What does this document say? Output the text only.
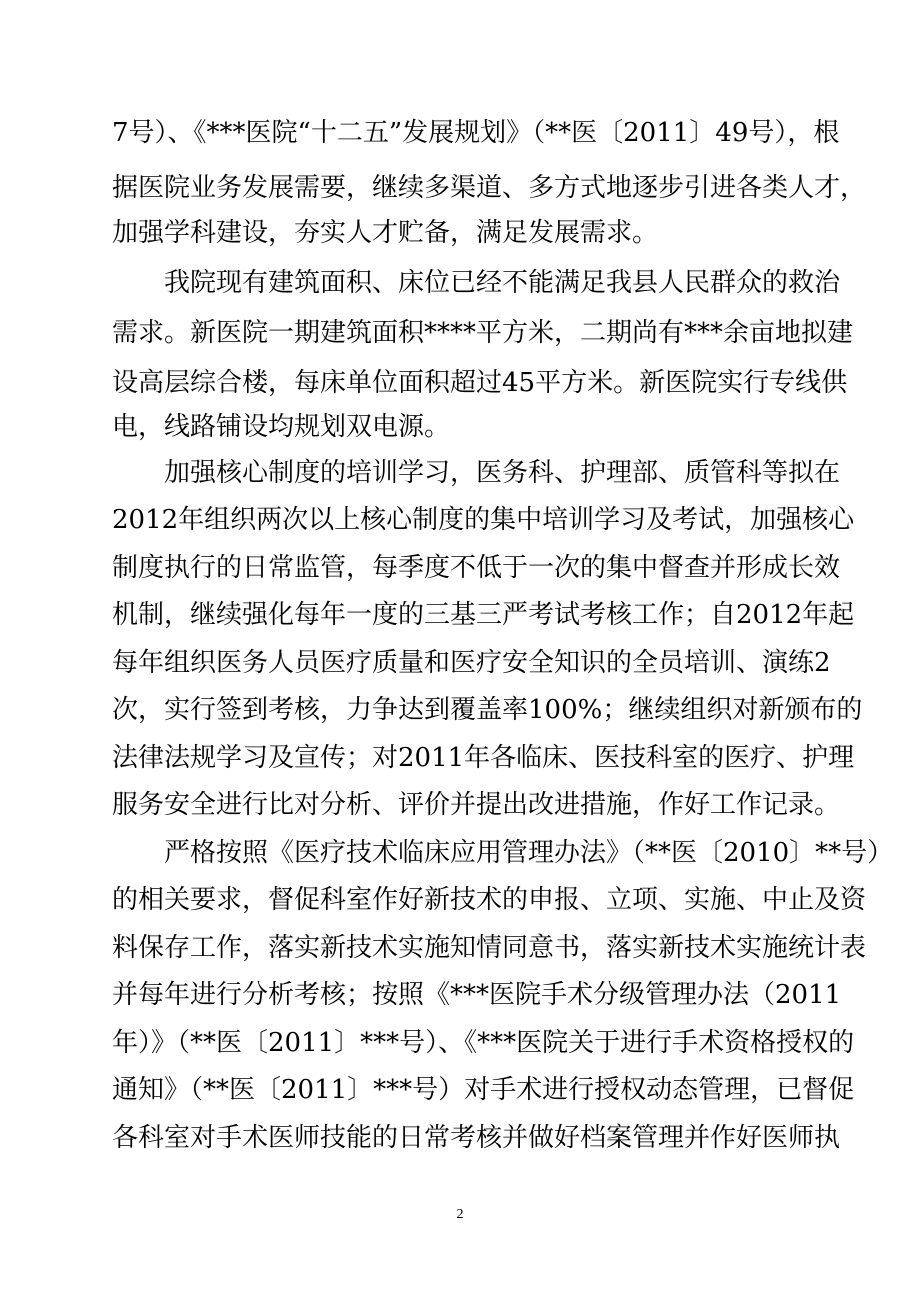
7号）、《***医院“十二五”发展规划》（**医〔2011〕49号），根
据医院业务发展需要，继续多渠道、多方式地逐步引进各类人才，
加强学科建设，夯实人才贮备，满足发展需求。
我院现有建筑面积、床位已经不能满足我县人民群众的救治
需求。新医院一期建筑面积****平方米，二期尚有***余亩地拟建
设高层综合楼，每床单位面积超过45平方米。新医院实行专线供
电，线路铺设均规划双电源。
加强核心制度的培训学习，医务科、护理部、质管科等拟在
2012年组织两次以上核心制度的集中培训学习及考试，加强核心
制度执行的日常监管，每季度不低于一次的集中督查并形成长效
机制，继续强化每年一度的三基三严考试考核工作；自2012年起
每年组织医务人员医疗质量和医疗安全知识的全员培训、演练2
次，实行签到考核，力争达到覆盖率100%；继续组织对新颁布的
法律法规学习及宣传；对2011年各临床、医技科室的医疗、护理
服务安全进行比对分析、评价并提出改进措施，作好工作记录。
严格按照《医疗技术临床应用管理办法》（**医〔2010〕**号）
的相关要求，督促科室作好新技术的申报、立项、实施、中止及资
料保存工作，落实新技术实施知情同意书，落实新技术实施统计表
并每年进行分析考核；按照《***医院手术分级管理办法（2011
年）》（**医〔2011〕***号）、《***医院关于进行手术资格授权的
通知》（**医〔2011〕***号）对手术进行授权动态管理，已督促
各科室对手术医师技能的日常考核并做好档案管理并作好医师执
2
